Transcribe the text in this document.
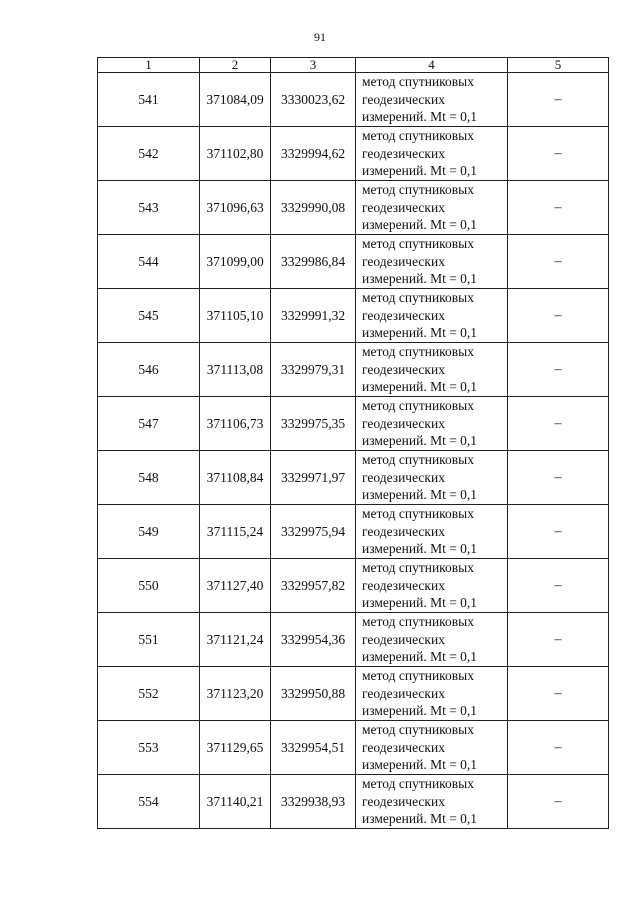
91
1	2	3	4	5
541	371084,09	3330023,62	метод спутниковых
геодезических
измерений. Mt = 0,1	–
542	371102,80	3329994,62	метод спутниковых
геодезических
измерений. Mt = 0,1	–
543	371096,63	3329990,08	метод спутниковых
геодезических
измерений. Mt = 0,1	–
544	371099,00	3329986,84	метод спутниковых
геодезических
измерений. Mt = 0,1	–
545	371105,10	3329991,32	метод спутниковых
геодезических
измерений. Mt = 0,1	–
546	371113,08	3329979,31	метод спутниковых
геодезических
измерений. Mt = 0,1	–
547	371106,73	3329975,35	метод спутниковых
геодезических
измерений. Mt = 0,1	–
548	371108,84	3329971,97	метод спутниковых
геодезических
измерений. Mt = 0,1	–
549	371115,24	3329975,94	метод спутниковых
геодезических
измерений. Mt = 0,1	–
550	371127,40	3329957,82	метод спутниковых
геодезических
измерений. Mt = 0,1	–
551	371121,24	3329954,36	метод спутниковых
геодезических
измерений. Mt = 0,1	–
552	371123,20	3329950,88	метод спутниковых
геодезических
измерений. Mt = 0,1	–
553	371129,65	3329954,51	метод спутниковых
геодезических
измерений. Mt = 0,1	–
554	371140,21	3329938,93	метод спутниковых
геодезических
измерений. Mt = 0,1	–
